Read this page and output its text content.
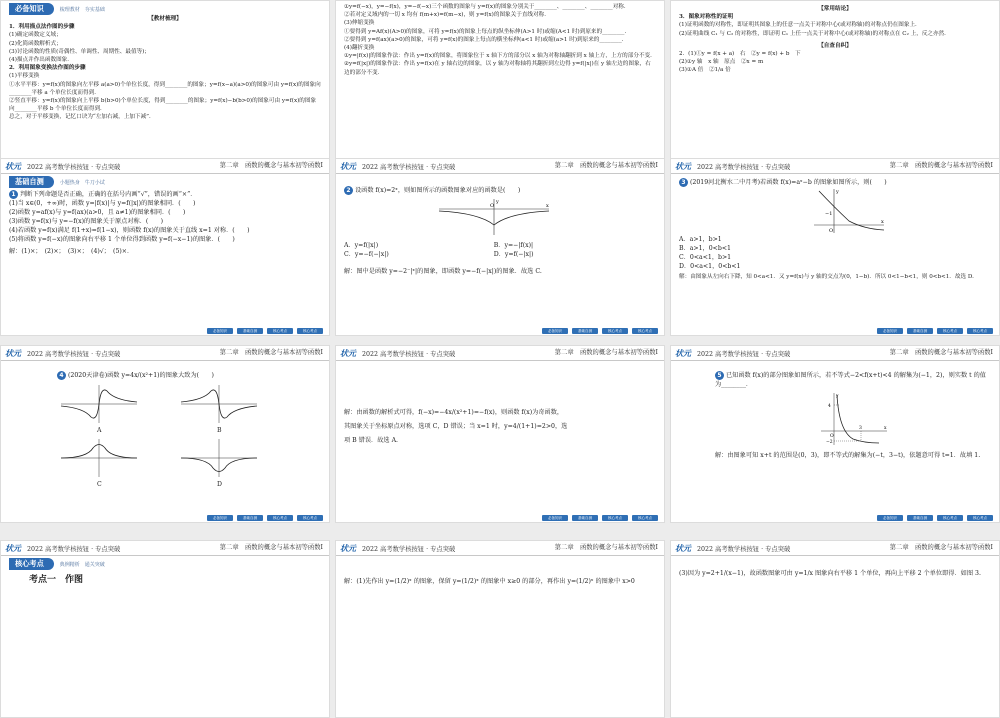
必备知识	梳理教材　夯实基础

【教材梳理】

1．利用描点法作图的步骤

(1)确定函数定义域；

(2)化简函数解析式；

(3)讨论函数的性质(奇偶性、单调性、周期性、最值等)；

(4)描点并作出函数图象．

2．利用图象变换法作图的步骤

(1)平移变换

①水平平移：y=f(x)的图象向左平移 a(a>0)个单位长度，得到________的图象；y=f(x−a)(a>0)的图象可由 y=f(x)的图象向________平移 a 个单位长度而得到．

②竖直平移：y=f(x)的图象向上平移 b(b>0)个单位长度，得到________的图象；y=f(x)−b(b>0)的图象可由 y=f(x)的图象向________平移 b 个单位长度而得到．

总之，对于平移变换，记忆口诀为“左加右减，上加下减”．

①y=f(−x)，y=−f(x)，y=−f(−x)三个函数的图象与 y=f(x)的图象分别关于________、________、________对称．

②若对定义域内的一切 x 均有 f(m+x)=f(m−x)，则 y=f(x)的图象关于直线对称．

(3)伸缩变换

①要得到 y=Af(x)(A>0)的图象，可将 y=f(x)的图象上每点的纵坐标伸(A>1 时)或缩(A<1 时)到原来的________．

②要得到 y=f(ax)(a>0)的图象，可将 y=f(x)的图象上每点的横坐标伸(a<1 时)或缩(a>1 时)到原来的________．

(4)翻折变换

①y=|f(x)|的图象作法：作出 y=f(x)的图象，将图象位于 x 轴下方的部分以 x 轴为对称轴翻折到 x 轴上方，上方的部分不变．

②y=f(|x|)的图象作法：作出 y=f(x)在 y 轴右边的图象，以 y 轴为对称轴将其翻折到左边得 y=f(|x|)在 y 轴左边的图象，右边的部分不变．

【常用结论】

3．图象对称性的证明

(1)证明函数的对称性，即证明其图象上的任意一点关于对称中心(或对称轴)的对称点仍在图象上．

(2)证明曲线 C₁ 与 C₂ 的对称性，即证明 C₁ 上任一点关于对称中心(或对称轴)的对称点在 C₂ 上，反之亦然．

【自查自纠】

2．(1)①y = f(x + a)　右　②y = f(x) + b　下

(2)①y 轴　x 轴　原点　②x = m

(3)①A 倍　②1/a 倍

状元 2022 高考数学核按钮 · 专点突破	第二章　函数的概念与基本初等函数Ⅰ
基础自测	小题热身　牛刀小试

1 判断下列命题是否正确，正确的在括号内画“√”，错误的画“×”．

(1)当 x∈(0，+∞)时，函数 y=|f(x)|与 y=f(|x|)的图象相同．(　　)

(2)函数 y=af(x)与 y=f(ax)(a>0，且 a≠1)的图象相同．(　　)

(3)函数 y=f(x)与 y=−f(x)的图象关于原点对称．(　　)

(4)若函数 y=f(x)满足 f(1+x)=f(1−x)，则函数 f(x)的图象关于直线 x=1 对称．(　　)

(5)将函数 y=f(−x)的图象向右平移 1 个单位得到函数 y=f(−x−1)的图象．(　　)

解：(1)×；　(2)×；　(3)×；　(4)√；　(5)×．

必备知识	基础自测	核心考点	核心考点
状元 2022 高考数学核按钮 · 专点突破	第二章　函数的概念与基本初等函数Ⅰ

2 设函数 f(x)=2ˣ，则如图所示的函数图象对应的函数是(　　)

O	x
y

A．y=f(|x|)	B．y=−|f(x)|

C．y=−f(−|x|)	D．y=f(−|x|)

解：图中是函数 y=−2⁻|ˣ|的图象，即函数 y=−f(−|x|)的图象．故选 C.

必备知识	基础自测	核心考点	核心考点
状元 2022 高考数学核按钮 · 专点突破	第二章　函数的概念与基本初等函数Ⅰ

3 (2019河北衡水二中月考)若函数 f(x)=aˣ−b 的图象如图所示，则(　　)

O
x
y
−1

A．a>1，b>1

B．a>1，0<b<1

C．0<a<1，b>1

D．0<a<1，0<b<1

解：由图象从左向右下降，知 0<a<1．又 y=f(x)与 y 轴的交点为(0，1−b)．所以 0<1−b<1，则 0<b<1．故选 D.

必备知识	基础自测	核心考点	核心考点
状元 2022 高考数学核按钮 · 专点突破	第二章　函数的概念与基本初等函数Ⅰ

4 (2020天津卷)函数 y=4x/(x²+1)的图象大致为(　　)

A	B
C	D
必备知识	基础自测	核心考点	核心考点
状元 2022 高考数学核按钮 · 专点突破	第二章　函数的概念与基本初等函数Ⅰ

解：由函数的解析式可得，f(−x)=−4x/(x²+1)=−f(x)，则函数 f(x)为奇函数，

其图象关于坐标原点对称，选项 C，D 错误；当 x=1 时，y=4/(1+1)=2>0，选

项 B 错误．故选 A.

必备知识	基础自测	核心考点	核心考点
状元 2022 高考数学核按钮 · 专点突破	第二章　函数的概念与基本初等函数Ⅰ

5 已知函数 f(x)的部分图象如图所示，若不等式−2<f(x+t)<4 的解集为(−1，2)，则实数 t 的值为________．

4
−2
O
3	x
y

解：由图象可知 x+t 的范围是(0，3)，即不等式的解集为(−t，3−t)，依题意可得 t=1．故填 1.

必备知识	基础自测	核心考点	核心考点
状元 2022 高考数学核按钮 · 专点突破	第二章　函数的概念与基本初等函数Ⅰ
核心考点	典例精析　通关突破

考点一　作图

状元 2022 高考数学核按钮 · 专点突破	第二章　函数的概念与基本初等函数Ⅰ

解：(1)先作出 y=(1/2)ˣ 的图象，保留 y=(1/2)ˣ 的图象中 x≥0 的部分，再作出 y=(1/2)ˣ 的图象中 x>0

状元 2022 高考数学核按钮 · 专点突破	第二章　函数的概念与基本初等函数Ⅰ

(3)因为 y=2+1/(x−1)，故函数图象可由 y=1/x 图象向右平移 1 个单位，再向上平移 2 个单位即得．如图 3.
